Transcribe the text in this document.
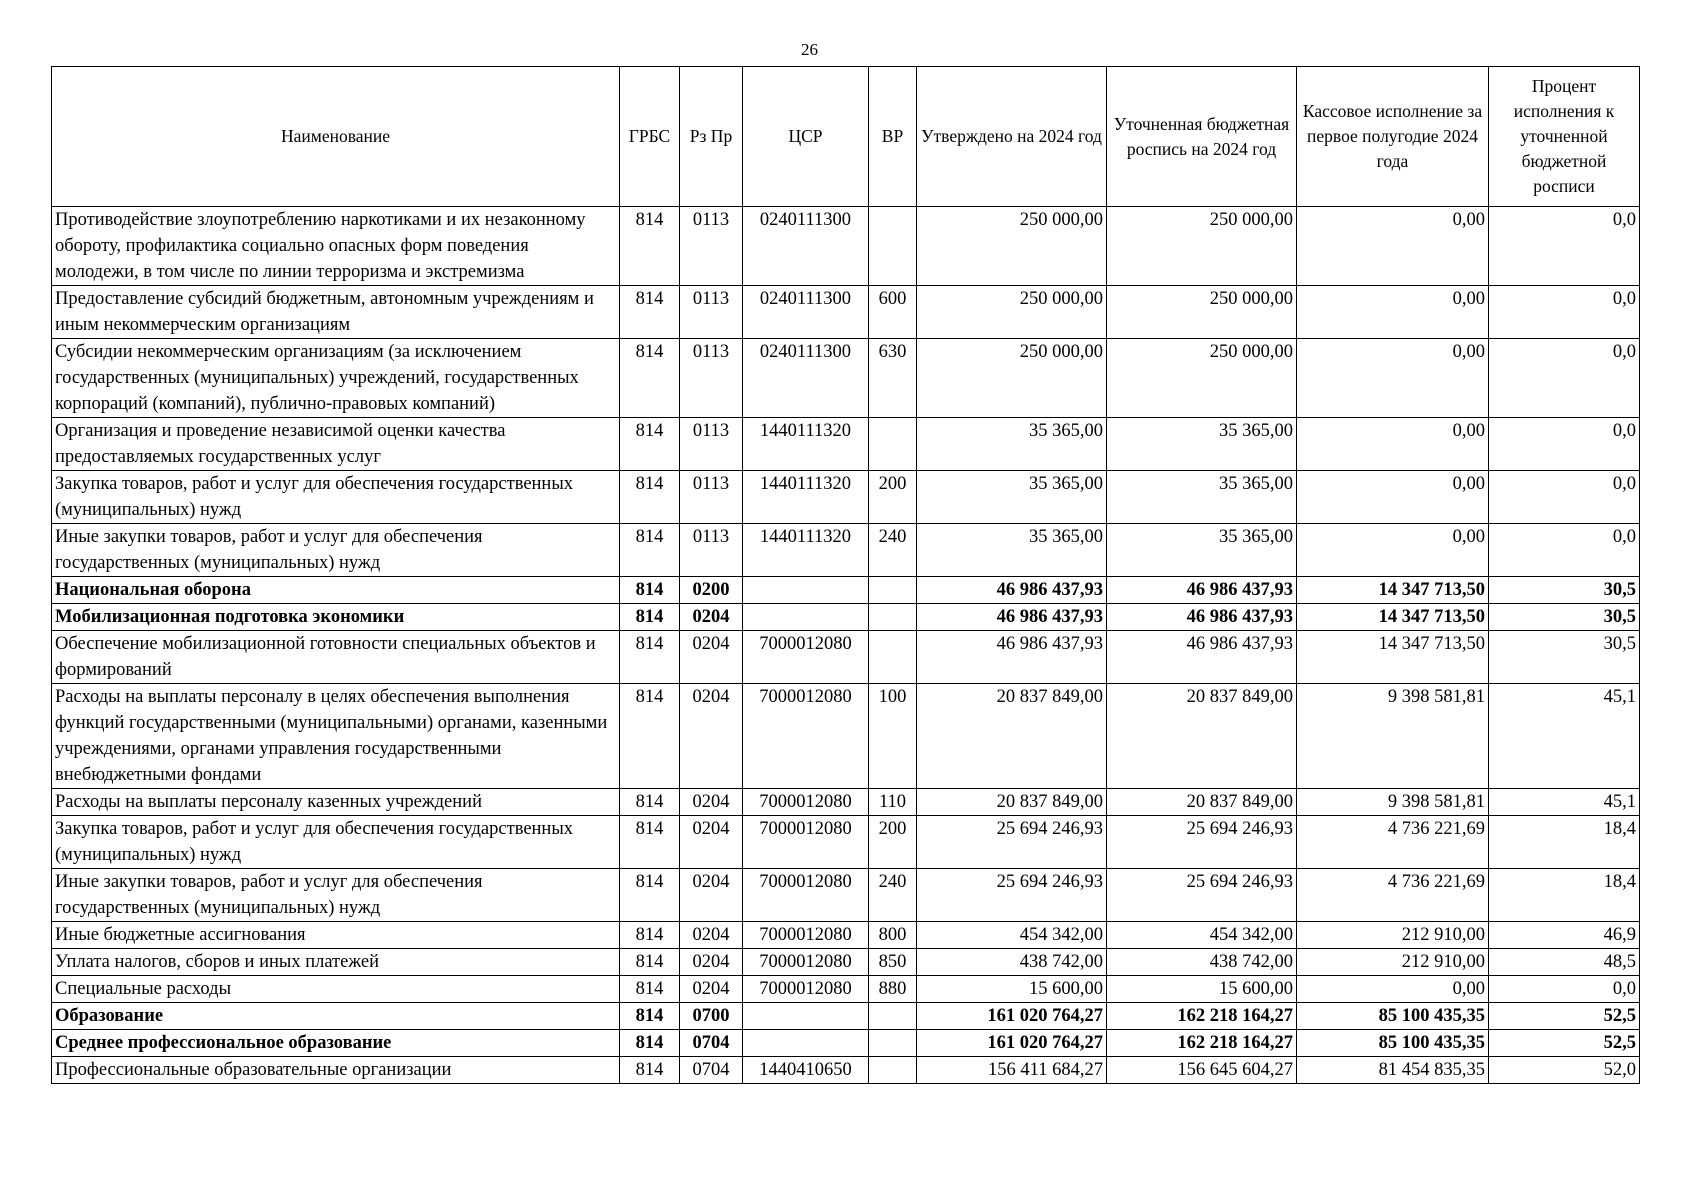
26
Наименование	ГРБС	Рз Пр	ЦСР	ВР	Утверждено на 2024 год	Уточненная бюджетная роспись на 2024 год	Кассовое исполнение за первое полугодие 2024 года	Процент исполнения к уточненной бюджетной росписи
Противодействие злоупотреблению наркотиками и их незаконному обороту, профилактика социально опасных форм поведения молодежи, в том числе по линии терроризма и экстремизма	814	0113	0240111300		250 000,00	250 000,00	0,00	0,0
Предоставление субсидий бюджетным, автономным учреждениям и иным некоммерческим организациям	814	0113	0240111300	600	250 000,00	250 000,00	0,00	0,0
Субсидии некоммерческим организациям (за исключением государственных (муниципальных) учреждений, государственных корпораций (компаний), публично-правовых компаний)	814	0113	0240111300	630	250 000,00	250 000,00	0,00	0,0
Организация и проведение независимой оценки качества предоставляемых государственных услуг	814	0113	1440111320		35 365,00	35 365,00	0,00	0,0
Закупка товаров, работ и услуг для обеспечения государственных (муниципальных) нужд	814	0113	1440111320	200	35 365,00	35 365,00	0,00	0,0
Иные закупки товаров, работ и услуг для обеспечения государственных (муниципальных) нужд	814	0113	1440111320	240	35 365,00	35 365,00	0,00	0,0
Национальная оборона	814	0200			46 986 437,93	46 986 437,93	14 347 713,50	30,5
Мобилизационная подготовка экономики	814	0204			46 986 437,93	46 986 437,93	14 347 713,50	30,5
Обеспечение мобилизационной готовности специальных объектов и формирований	814	0204	7000012080		46 986 437,93	46 986 437,93	14 347 713,50	30,5
Расходы на выплаты персоналу в целях обеспечения выполнения функций государственными (муниципальными) органами, казенными учреждениями, органами управления государственными внебюджетными фондами	814	0204	7000012080	100	20 837 849,00	20 837 849,00	9 398 581,81	45,1
Расходы на выплаты персоналу казенных учреждений	814	0204	7000012080	110	20 837 849,00	20 837 849,00	9 398 581,81	45,1
Закупка товаров, работ и услуг для обеспечения государственных (муниципальных) нужд	814	0204	7000012080	200	25 694 246,93	25 694 246,93	4 736 221,69	18,4
Иные закупки товаров, работ и услуг для обеспечения государственных (муниципальных) нужд	814	0204	7000012080	240	25 694 246,93	25 694 246,93	4 736 221,69	18,4
Иные бюджетные ассигнования	814	0204	7000012080	800	454 342,00	454 342,00	212 910,00	46,9
Уплата налогов, сборов и иных платежей	814	0204	7000012080	850	438 742,00	438 742,00	212 910,00	48,5
Специальные расходы	814	0204	7000012080	880	15 600,00	15 600,00	0,00	0,0
Образование	814	0700			161 020 764,27	162 218 164,27	85 100 435,35	52,5
Среднее профессиональное образование	814	0704			161 020 764,27	162 218 164,27	85 100 435,35	52,5
Профессиональные образовательные организации	814	0704	1440410650		156 411 684,27	156 645 604,27	81 454 835,35	52,0
